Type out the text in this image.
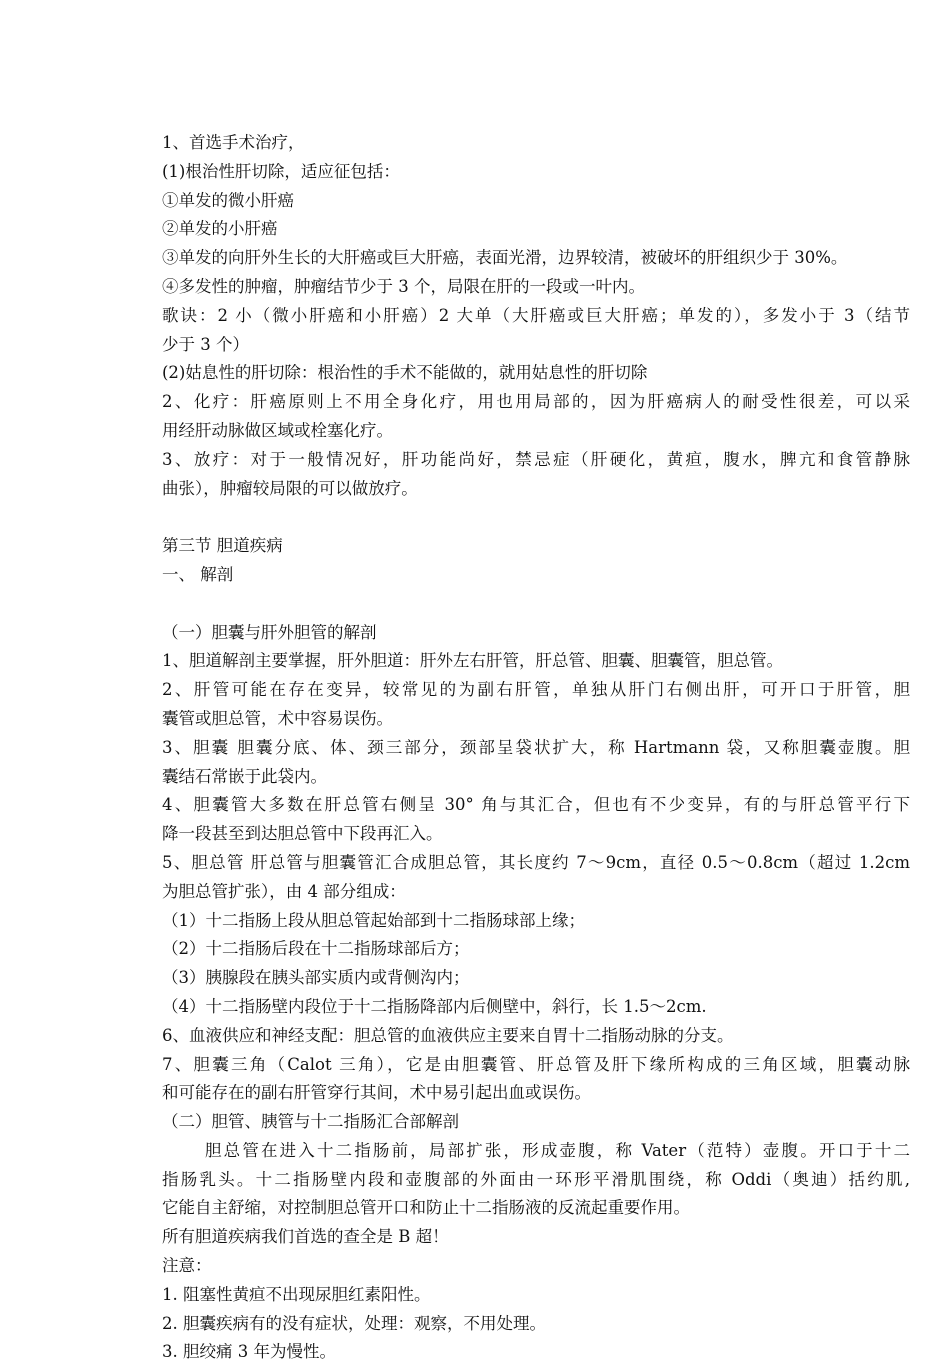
1、首选手术治疗，
(1)根治性肝切除，适应征包括：
①单发的微小肝癌
②单发的小肝癌
③单发的向肝外生长的大肝癌或巨大肝癌，表面光滑，边界较清，被破坏的肝组织少于 30%。
④多发性的肿瘤，肿瘤结节少于 3 个，局限在肝的一段或一叶内。
歌诀：2 小（微小肝癌和小肝癌）2 大单（大肝癌或巨大肝癌；单发的），多发小于 3（结节
少于 3 个）
(2)姑息性的肝切除：根治性的手术不能做的，就用姑息性的肝切除
2、化疗：肝癌原则上不用全身化疗，用也用局部的，因为肝癌病人的耐受性很差，可以采
用经肝动脉做区域或栓塞化疗。
3、放疗：对于一般情况好，肝功能尚好，禁忌症（肝硬化，黄疸，腹水，脾亢和食管静脉
曲张），肿瘤较局限的可以做放疗。
第三节 胆道疾病
一、 解剖
（一）胆囊与肝外胆管的解剖
1、胆道解剖主要掌握，肝外胆道：肝外左右肝管，肝总管、胆囊、胆囊管，胆总管。
2、肝管可能在存在变异，较常见的为副右肝管，单独从肝门右侧出肝，可开口于肝管，胆
囊管或胆总管，术中容易误伤。
3、胆囊 胆囊分底、体、颈三部分，颈部呈袋状扩大，称 Hartmann 袋，又称胆囊壶腹。胆
囊结石常嵌于此袋内。
4、胆囊管大多数在肝总管右侧呈 30° 角与其汇合，但也有不少变异，有的与肝总管平行下
降一段甚至到达胆总管中下段再汇入。
5、胆总管 肝总管与胆囊管汇合成胆总管，其长度约 7～9cm，直径 0.5～0.8cm（超过 1.2cm
为胆总管扩张），由 4 部分组成：
（1）十二指肠上段从胆总管起始部到十二指肠球部上缘；
（2）十二指肠后段在十二指肠球部后方；
（3）胰腺段在胰头部实质内或背侧沟内；
（4）十二指肠壁内段位于十二指肠降部内后侧壁中，斜行，长 1.5～2cm.
6、血液供应和神经支配：胆总管的血液供应主要来自胃十二指肠动脉的分支。
7、胆囊三角（Calot 三角），它是由胆囊管、肝总管及肝下缘所构成的三角区域，胆囊动脉
和可能存在的副右肝管穿行其间，术中易引起出血或误伤。
（二）胆管、胰管与十二指肠汇合部解剖
胆总管在进入十二指肠前，局部扩张，形成壶腹，称 Vater（范特）壶腹。开口于十二
指肠乳头。十二指肠壁内段和壶腹部的外面由一环形平滑肌围绕，称 Oddi（奥迪）括约肌,
它能自主舒缩，对控制胆总管开口和防止十二指肠液的反流起重要作用。
所有胆道疾病我们首选的查全是 B 超！
注意：
1. 阻塞性黄疸不出现尿胆红素阳性。
2. 胆囊疾病有的没有症状，处理：观察，不用处理。
3. 胆绞痛 3 年为慢性。
